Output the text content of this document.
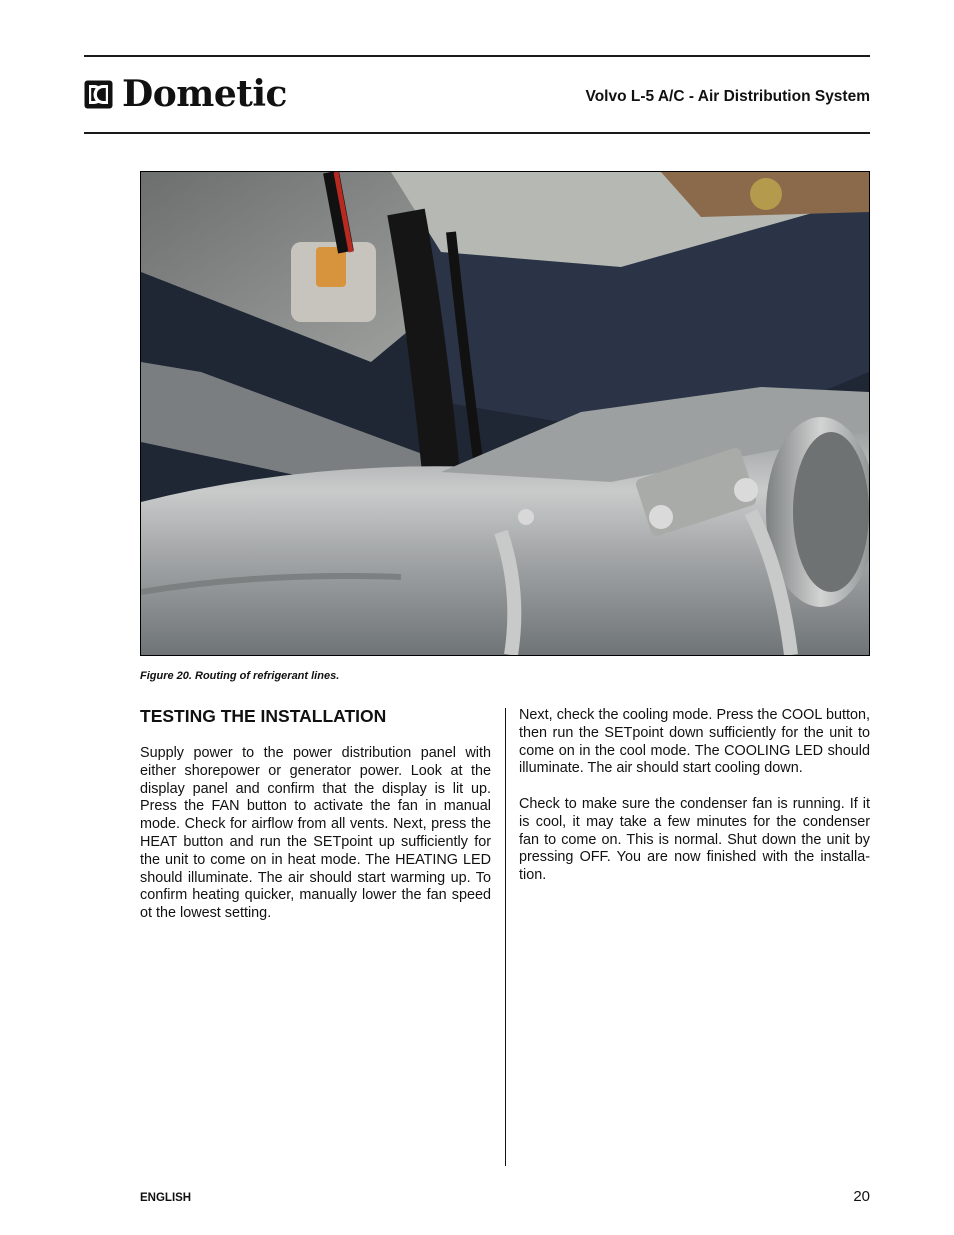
Dometic	Volvo L-5 A/C - Air Distribution System
Figure 20. Routing of refrigerant lines.
TESTING THE INSTALLATION

Supply power to the power distribution panel with either shorepower or generator power. Look at the display panel and confirm that the display is lit up. Press the FAN button to activate the fan in manual mode. Check for airflow from all vents. Next, press the HEAT button and run the SETpoint up sufficiently for the unit to come on in heat mode. The HEATING LED should illuminate. The air should start warming up. To confirm heating quicker, manually lower the fan speed ot the lowest setting.

Next, check the cooling mode. Press the COOL button, then run the SETpoint down sufficiently for the unit to come on in the cool mode. The COOLING LED should illuminate. The air should start cooling down.

Check to make sure the condenser fan is running. If it is cool, it may take a few minutes for the condenser fan to come on. This is normal. Shut down the unit by pressing OFF. You are now finished with the installa-tion.

ENGLISH	20
